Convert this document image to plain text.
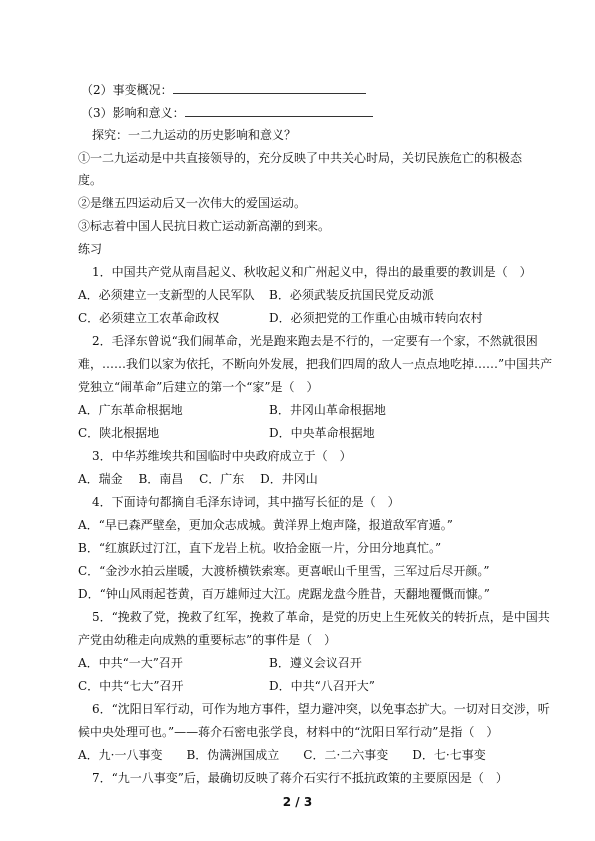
（2）事变概况：
（3）影响和意义：
探究：一二九运动的历史影响和意义？
①一二九运动是中共直接领导的，充分反映了中共关心时局，关切民族危亡的积极态
度。
②是继五四运动后又一次伟大的爱国运动。
③标志着中国人民抗日救亡运动新高潮的到来。
练习
1．中国共产党从南昌起义、秋收起义和广州起义中，得出的最重要的教训是（　）
A．必须建立一支新型的人民军队 B．必须武装反抗国民党反动派
C．必须建立工农革命政权	D．必须把党的工作重心由城市转向农村
2．毛泽东曾说“我们闹革命，光是跑来跑去是不行的，一定要有一个家，不然就很困
难，……我们以家为依托，不断向外发展，把我们四周的敌人一点点地吃掉……”中国共产
党独立“闹革命”后建立的第一个“家”是（　）
A．广东革命根据地	B．井冈山革命根据地
C．陕北根据地	D．中央革命根据地
3．中华苏维埃共和国临时中央政府成立于（　）
A．瑞金　 B．南昌　 C．广东　 D．井冈山
4．下面诗句都摘自毛泽东诗词，其中描写长征的是（　）
A．“早已森严壁垒，更加众志成城。黄洋界上炮声隆，报道敌军宵遁。”
B．“红旗跃过汀江，直下龙岩上杭。收拾金瓯一片，分田分地真忙。”
C．“金沙水拍云崖暖，大渡桥横铁索寒。更喜岷山千里雪，三军过后尽开颜。”
D．“钟山风雨起苍黄，百万雄师过大江。虎踞龙盘今胜昔，天翻地覆慨而慷。”
5．“挽救了党，挽救了红军，挽救了革命，是党的历史上生死攸关的转折点，是中国共
产党由幼稚走向成熟的重要标志”的事件是（　）
A．中共“一大”召开	B．遵义会议召开
C．中共“七大”召开	D．中共“八召开大”
6．“沈阳日军行动，可作为地方事件，望力避冲突，以免事态扩大。一切对日交涉，听
候中央处理可也。”——蒋介石密电张学良，材料中的“沈阳日军行动”是指（　）
A．九·一八事变　　B．伪满洲国成立　　C．二·二六事变　　D．七·七事变
7．“九一八事变”后，最确切反映了蒋介石实行不抵抗政策的主要原因是（　）
2 / 3
